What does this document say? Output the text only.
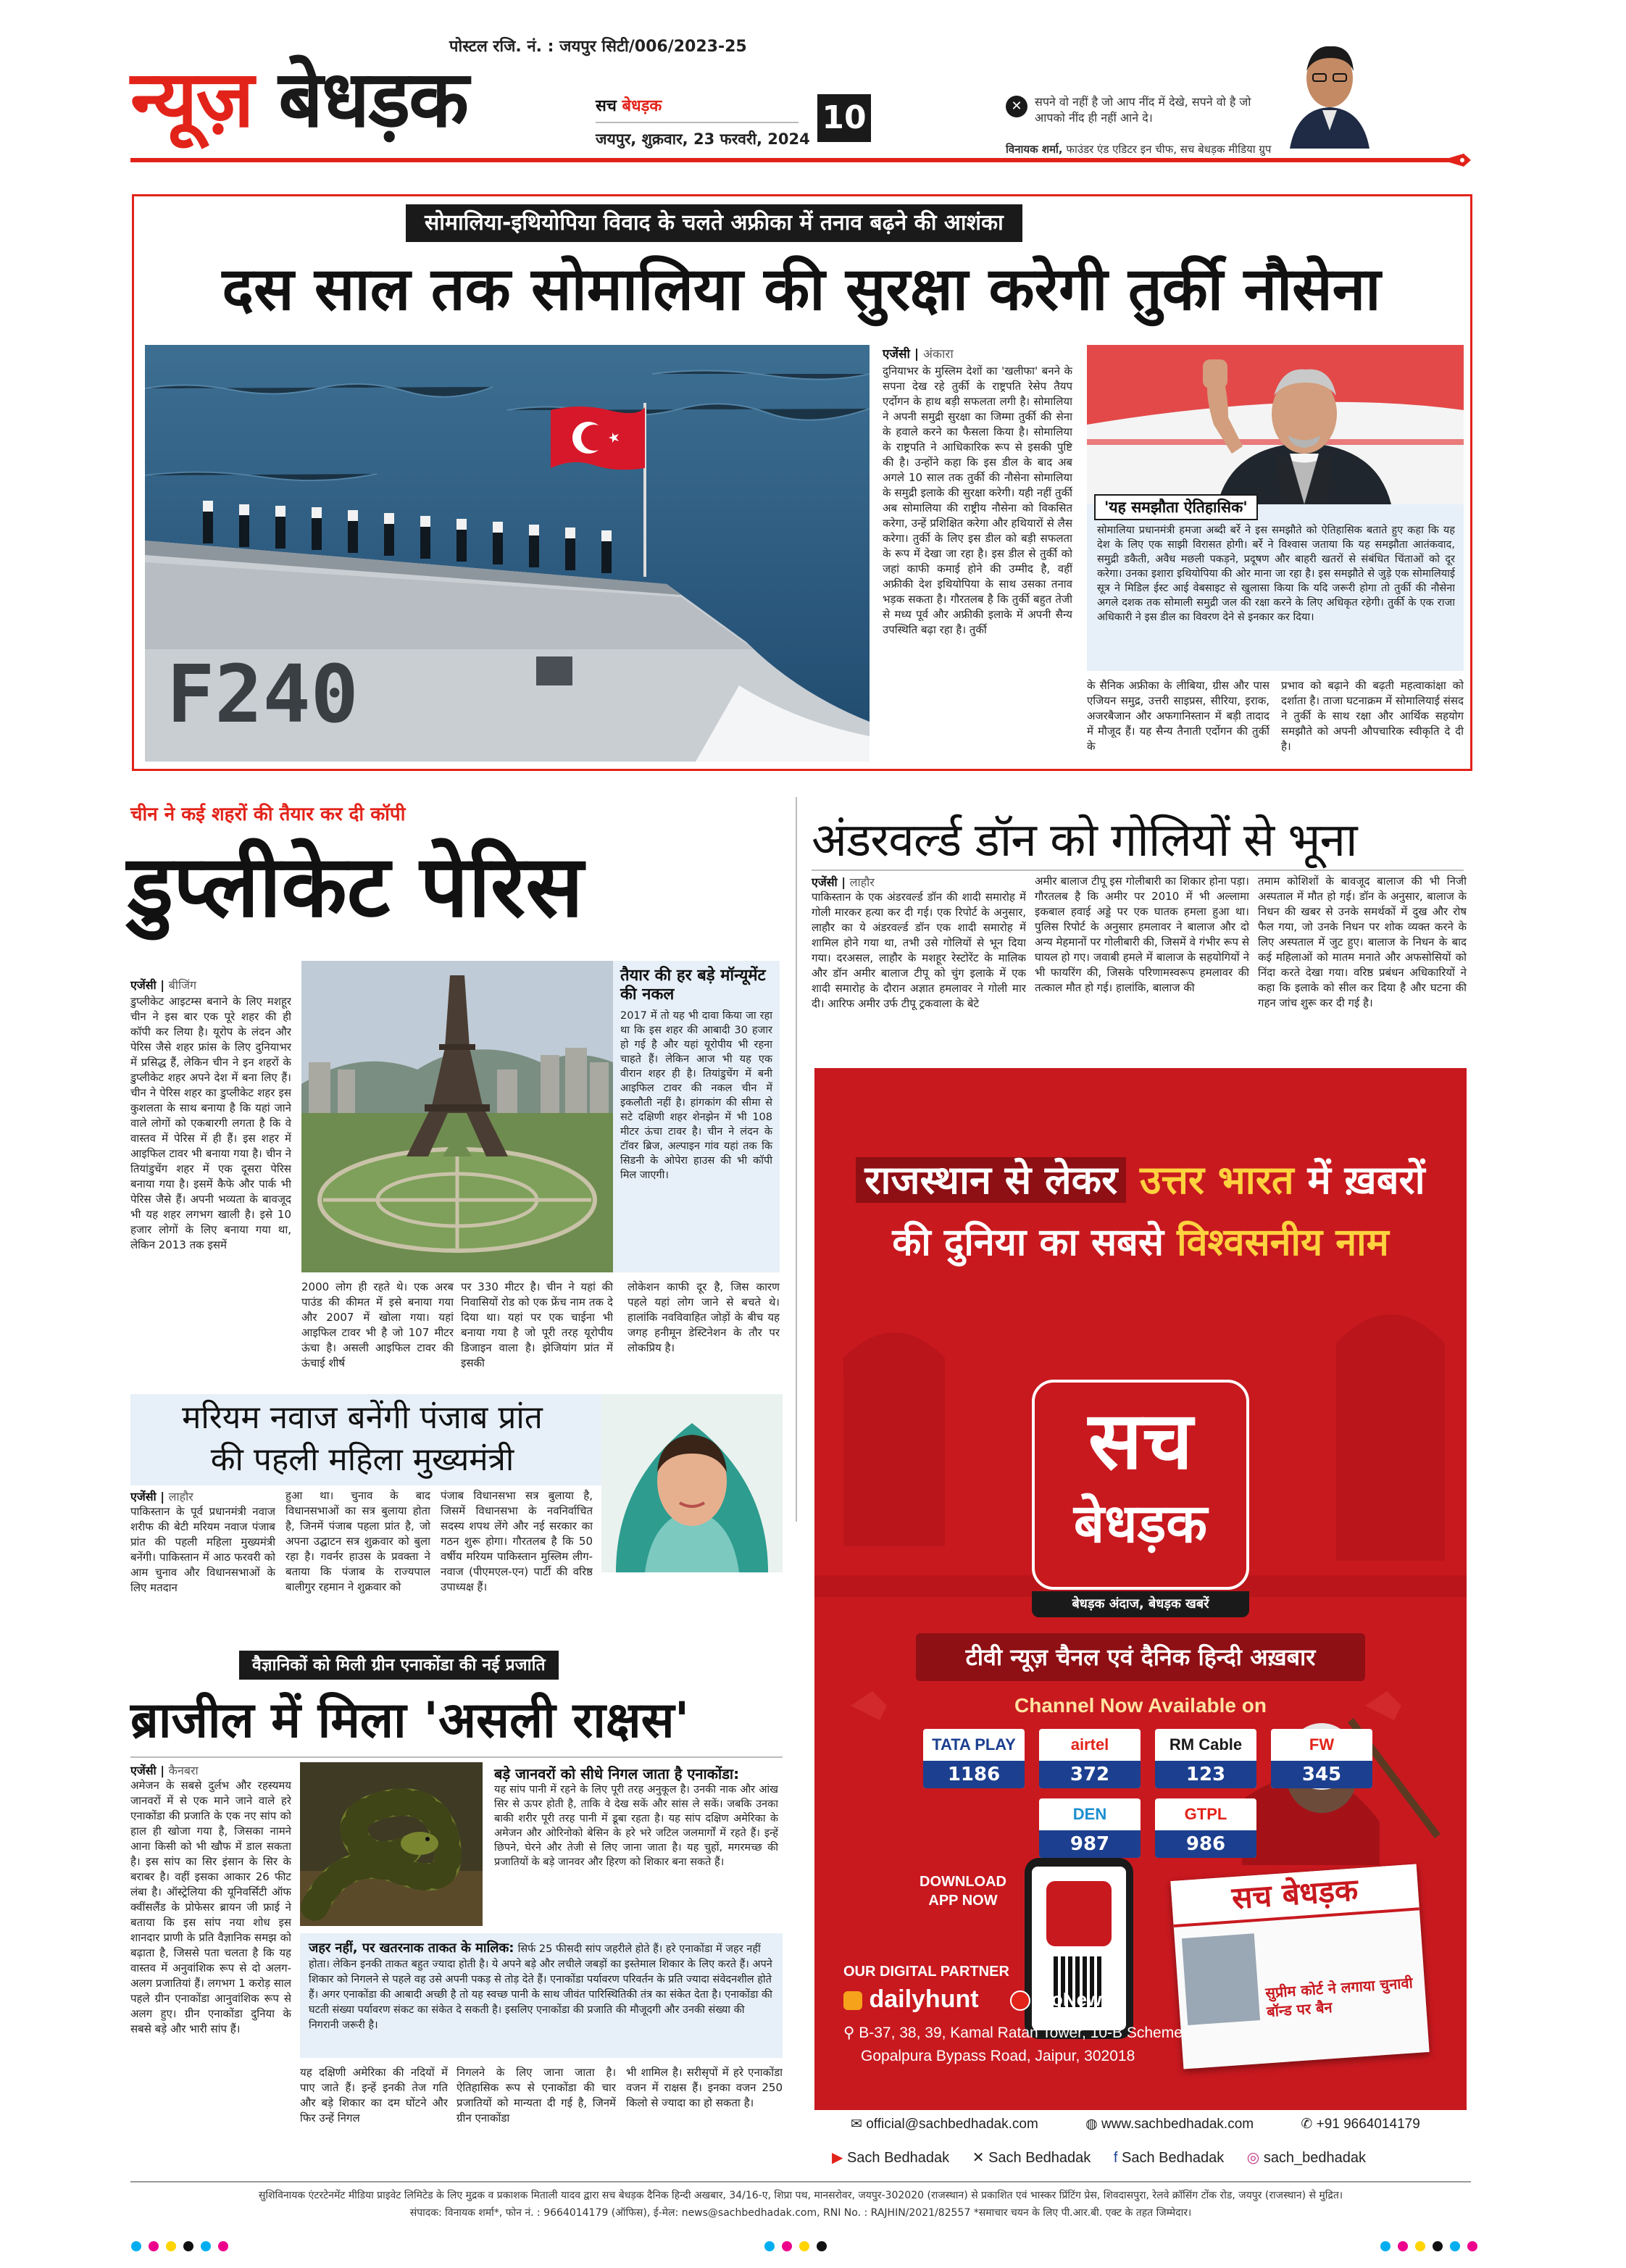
पोस्टल रजि. नं. : जयपुर सिटी/006/2023-25
न्यूज़ बेधड़क	सच बेधड़क
जयपुर, शुक्रवार, 23 फरवरी, 2024
10	✕	सपने वो नहीं है जो आप नींद में देखे, सपने वो है जो आपको नींद ही नहीं आने दे।
विनायक शर्मा, फाउंडर एंड एडिटर इन चीफ, सच बेधड़क मीडिया ग्रुप
सोमालिया-इथियोपिया विवाद के चलते अफ्रीका में तनाव बढ़ने की आशंका
दस साल तक सोमालिया की सुरक्षा करेगी तुर्की नौसेना
F240
एजेंसी | अंकारा
दुनियाभर के मुस्लिम देशों का 'खलीफा' बनने के सपना देख रहे तुर्की के राष्ट्रपति रेसेप तैयप एर्दोगन के हाथ बड़ी सफलता लगी है। सोमालिया ने अपनी समुद्री सुरक्षा का जिम्मा तुर्की की सेना के हवाले करने का फैसला किया है। सोमालिया के राष्ट्रपति ने आधिकारिक रूप से इसकी पुष्टि की है। उन्होंने कहा कि इस डील के बाद अब अगले 10 साल तक तुर्की की नौसेना सोमालिया के समुद्री इलाके की सुरक्षा करेगी। यही नहीं तुर्की अब सोमालिया की राष्ट्रीय नौसेना को विकसित करेगा, उन्हें प्रशिक्षित करेगा और हथियारों से लैस करेगा। तुर्की के लिए इस डील को बड़ी सफलता के रूप में देखा जा रहा है। इस डील से तुर्की को जहां काफी कमाई होने की उम्मीद है, वहीं अफ्रीकी देश इथियोपिया के साथ उसका तनाव भड़क सकता है। गौरतलब है कि तुर्की बहुत तेजी से मध्य पूर्व और अफ्रीकी इलाके में अपनी सैन्य उपस्थिति बढ़ा रहा है। तुर्की
'यह समझौता ऐतिहासिक'
सोमालिया प्रधानमंत्री हमजा अब्दी बर्रे ने इस समझौते को ऐतिहासिक बताते हुए कहा कि यह देश के लिए एक साझी विरासत होगी। बर्रे ने विश्वास जताया कि यह समझौता आतंकवाद, समुद्री डकैती, अवैध मछली पकड़ने, प्रदूषण और बाहरी खतरों से संबंधित चिंताओं को दूर करेगा। उनका इशारा इथियोपिया की ओर माना जा रहा है। इस समझौते से जुड़े एक सोमालियाई सूत्र ने मिडिल ईस्ट आई वेबसाइट से खुलासा किया कि यदि जरूरी होगा तो तुर्की की नौसेना अगले दशक तक सोमाली समुद्री जल की रक्षा करने के लिए अधिकृत रहेगी। तुर्की के एक राजा अधिकारी ने इस डील का विवरण देने से इनकार कर दिया।
के सैनिक अफ्रीका के लीबिया, ग्रीस और पास एजियन समुद्र, उत्तरी साइप्रस, सीरिया, इराक, अजरबैजान और अफगानिस्तान में बड़ी तादाद में मौजूद हैं। यह सैन्य तैनाती एर्दोगन की तुर्की के
प्रभाव को बढ़ाने की बढ़ती महत्वाकांक्षा को दर्शाता है। ताजा घटनाक्रम में सोमालियाई संसद ने तुर्की के साथ रक्षा और आर्थिक सहयोग समझौते को अपनी औपचारिक स्वीकृति दे दी है।
चीन ने कई शहरों की तैयार कर दी कॉपी
डुप्लीकेट पेरिस
एजेंसी | बीजिंग
डुप्लीकेट आइटम्स बनाने के लिए मशहूर चीन ने इस बार एक पूरे शहर की ही कॉपी कर लिया है। यूरोप के लंदन और पेरिस जैसे शहर फ्रांस के लिए दुनियाभर में प्रसिद्ध हैं, लेकिन चीन ने इन शहरों के डुप्लीकेट शहर अपने देश में बना लिए हैं। चीन ने पेरिस शहर का डुप्लीकेट शहर इस कुशलता के साथ बनाया है कि यहां जाने वाले लोगों को एकबारगी लगता है कि वे वास्तव में पेरिस में ही हैं। इस शहर में आइफिल टावर भी बनाया गया है। चीन ने तियांडुचेंग शहर में एक दूसरा पेरिस बनाया गया है। इसमें कैफे और पार्क भी पेरिस जैसे हैं। अपनी भव्यता के बावजूद भी यह शहर लगभग खाली है। इसे 10 हजार लोगों के लिए बनाया गया था, लेकिन 2013 तक इसमें
तैयार की हर बड़े मॉन्यूमेंट की नकल
2017 में तो यह भी दावा किया जा रहा था कि इस शहर की आबादी 30 हजार हो गई है और यहां यूरोपीय भी रहना चाहते हैं। लेकिन आज भी यह एक वीरान शहर ही है। तियांडुचेंग में बनी आइफिल टावर की नकल चीन में इकलौती नहीं है। हांगकांग की सीमा से सटे दक्षिणी शहर शेनझेन में भी 108 मीटर ऊंचा टावर है। चीन ने लंदन के टॉवर ब्रिज, अल्पाइन गांव यहां तक कि सिडनी के ओपेरा हाउस की भी कॉपी मिल जाएगी।
2000 लोग ही रहते थे। एक अरब पाउंड की कीमत में इसे बनाया गया और 2007 में खोला गया। यहां आइफिल टावर भी है जो 107 मीटर ऊंचा है। असली आइफिल टावर की ऊंचाई शीर्ष
पर 330 मीटर है। चीन ने यहां की निवासियों रोड को एक फ्रेंच नाम तक दे दिया था। यहां पर एक चाईना भी बनाया गया है जो पूरी तरह यूरोपीय डिजाइन वाला है। झेजियांग प्रांत में इसकी
लोकेशन काफी दूर है, जिस कारण पहले यहां लोग जाने से बचते थे। हालांकि नवविवाहित जोड़ों के बीच यह जगह हनीमून डेस्टिनेशन के तौर पर लोकप्रिय है।
अंडरवर्ल्ड डॉन को गोलियों से भूना
एजेंसी | लाहौर
पाकिस्तान के एक अंडरवर्ल्ड डॉन की शादी समारोह में गोली मारकर हत्या कर दी गई। एक रिपोर्ट के अनुसार, लाहौर का ये अंडरवर्ल्ड डॉन एक शादी समारोह में शामिल होने गया था, तभी उसे गोलियों से भून दिया गया। दरअसल, लाहौर के मशहूर रेस्टोरेंट के मालिक और डॉन अमीर बालाज टीपू को चुंग इलाके में एक शादी समारोह के दौरान अज्ञात हमलावर ने गोली मार दी। आरिफ अमीर उर्फ टीपू ट्रकवाला के बेटे
अमीर बालाज टीपू इस गोलीबारी का शिकार होना पड़ा। गौरतलब है कि अमीर पर 2010 में भी अल्लामा इकबाल हवाई अड्डे पर एक घातक हमला हुआ था। पुलिस रिपोर्ट के अनुसार हमलावर ने बालाज और दो अन्य मेहमानों पर गोलीबारी की, जिसमें वे गंभीर रूप से घायल हो गए। जवाबी हमले में बालाज के सहयोगियों ने भी फायरिंग की, जिसके परिणामस्वरूप हमलावर की तत्काल मौत हो गई। हालांकि, बालाज की
तमाम कोशिशों के बावजूद बालाज की भी निजी अस्पताल में मौत हो गई। डॉन के अनुसार, बालाज के निधन की खबर से उनके समर्थकों में दुख और रोष फैल गया, जो उनके निधन पर शोक व्यक्त करने के लिए अस्पताल में जुट हुए। बालाज के निधन के बाद कई महिलाओं को मातम मनाते और अफसोसियों को निंदा करते देखा गया। वरिष्ठ प्रबंधन अधिकारियों ने कहा कि इलाके को सील कर दिया है और घटना की गहन जांच शुरू कर दी गई है।
मरियम नवाज बनेंगी पंजाब प्रांत
की पहली महिला मुख्यमंत्री
एजेंसी | लाहौर
पाकिस्तान के पूर्व प्रधानमंत्री नवाज शरीफ की बेटी मरियम नवाज पंजाब प्रांत की पहली महिला मुख्यमंत्री बनेंगी। पाकिस्तान में आठ फरवरी को आम चुनाव और विधानसभाओं के लिए मतदान
हुआ था। चुनाव के बाद विधानसभाओं का सत्र बुलाया होता है, जिनमें पंजाब पहला प्रांत है, जो अपना उद्घाटन सत्र शुक्रवार को बुला रहा है। गवर्नर हाउस के प्रवक्ता ने बताया कि पंजाब के राज्यपाल बालीगुर रहमान ने शुक्रवार को
पंजाब विधानसभा सत्र बुलाया है, जिसमें विधानसभा के नवनिर्वाचित सदस्य शपथ लेंगे और नई सरकार का गठन शुरू होगा। गौरतलब है कि 50 वर्षीय मरियम पाकिस्तान मुस्लिम लीग-नवाज (पीएमएल-एन) पार्टी की वरिष्ठ उपाध्यक्ष हैं।
वैज्ञानिकों को मिली ग्रीन एनाकोंडा की नई प्रजाति
ब्राजील में मिला 'असली राक्षस'
एजेंसी | कैनबरा
अमेजन के सबसे दुर्लभ और रहस्यमय जानवरों में से एक माने जाने वाले हरे एनाकोंडा की प्रजाति के एक नए सांप को हाल ही खोजा गया है, जिसका नामने आना किसी को भी खौफ में डाल सकता है। इस सांप का सिर इंसान के सिर के बराबर है। वहीं इसका आकार 26 फीट लंबा है। ऑस्ट्रेलिया की यूनिवर्सिटी ऑफ क्वींसलैंड के प्रोफेसर ब्रायन जी फ्राई ने बताया कि इस सांप नया शोध इस शानदार प्राणी के प्रति वैज्ञानिक समझ को बढ़ाता है, जिससे पता चलता है कि यह वास्तव में अनुवांशिक रूप से दो अलग-अलग प्रजातियां हैं। लगभग 1 करोड़ साल पहले ग्रीन एनाकोंडा आनुवांशिक रूप से अलग हुए। ग्रीन एनाकोंडा दुनिया के सबसे बड़े और भारी सांप हैं।
बड़े जानवरों को सीधे निगल जाता है एनाकोंडा:
यह सांप पानी में रहने के लिए पूरी तरह अनुकूल है। उनकी नाक और आंख सिर से ऊपर होती है, ताकि वे देख सकें और सांस ले सकें। जबकि उनका बाकी शरीर पूरी तरह पानी में डूबा रहता है। यह सांप दक्षिण अमेरिका के अमेजन और ओरिनोको बेसिन के हरे भरे जटिल जलमार्गों में रहते हैं। इन्हें छिपने, घेरने और तेजी से लिए जाना जाता है। यह चुहों, मगरमच्छ की प्रजातियों के बड़े जानवर और हिरण को शिकार बना सकते हैं।
जहर नहीं, पर खतरनाक ताकत के मालिक: सिर्फ 25 फीसदी सांप जहरीले होते हैं। हरे एनाकोंडा में जहर नहीं होता। लेकिन इनकी ताकत बहुत ज्यादा होती है। ये अपने बड़े और लचीले जबड़ों का इस्तेमाल शिकार के लिए करते हैं। अपने शिकार को निगलने से पहले वह उसे अपनी पकड़ से तोड़ देते हैं। एनाकोंडा पर्यावरण परिवर्तन के प्रति ज्यादा संवेदनशील होते हैं। अगर एनाकोंडा की आबादी अच्छी है तो यह स्वच्छ पानी के साथ जीवंत पारिस्थितिकी तंत्र का संकेत देता है। एनाकोंडा की घटती संख्या पर्यावरण संकट का संकेत दे सकती है। इसलिए एनाकोंडा की प्रजाति की मौजूदगी और उनकी संख्या की निगरानी जरूरी है।
यह दक्षिणी अमेरिका की नदियों में पाए जाते हैं। इन्हें इनकी तेज गति और बड़े शिकार का दम घोंटने और फिर उन्हें निगल
निगलने के लिए जाना जाता है। ऐतिहासिक रूप से एनाकोंडा की चार प्रजातियों को मान्यता दी गई है, जिनमें ग्रीन एनाकोंडा
भी शामिल है। सरीसृपों में हरे एनाकोंडा वजन में राक्षस हैं। इनका वजन 250 किलो से ज्यादा का हो सकता है।
राजस्थान से लेकर उत्तर भारत में ख़बरों
की दुनिया का सबसे विश्वसनीय नाम
सच
बेधड़क
बेधड़क अंदाज, बेधड़क खबरें
टीवी न्यूज़ चैनल एवं दैनिक हिन्दी अख़बार
Channel Now Available on
TATA PLAY
1186
airtel
372
RM Cable
123
FW
345
DEN
987
GTPL
986
DOWNLOAD APP NOW	सच बेधड़क
सुप्रीम कोर्ट ने लगाया चुनावी बॉन्ड पर बैन
OUR DIGITAL PARTNER
dailyhunt	JioNews
⚲ B-37, 38, 39, Kamal Ratan Tower, 10-B Scheme,
Gopalpura Bypass Road, Jaipur, 302018
✉ official@sachbedhadak.com	◍ www.sachbedhadak.com	✆ +91 9664014179
▶ Sach Bedhadak ✕ Sach Bedhadak f Sach Bedhadak ◎ sach_bedhadak
सुशिविनायक एंटरटेनमेंट मीडिया प्राइवेट लिमिटेड के लिए मुद्रक व प्रकाशक मिताली यादव द्वारा सच बेधड़क दैनिक हिन्दी अखबार, 34/16-ए, शिप्रा पथ, मानसरोवर, जयपुर-302020 (राजस्थान) से प्रकाशित एवं भास्कर प्रिंटिंग प्रेस, शिवदासपुरा, रेलवे क्रॉसिंग टोंक रोड, जयपुर (राजस्थान) से मुद्रित।
संपादक: विनायक शर्मा*, फोन नं. : 9664014179 (ऑफिस), ई-मेल: news@sachbedhadak.com, RNI No. : RAJHIN/2021/82557 *समाचार चयन के लिए पी.आर.बी. एक्ट के तहत जिम्मेदार।
